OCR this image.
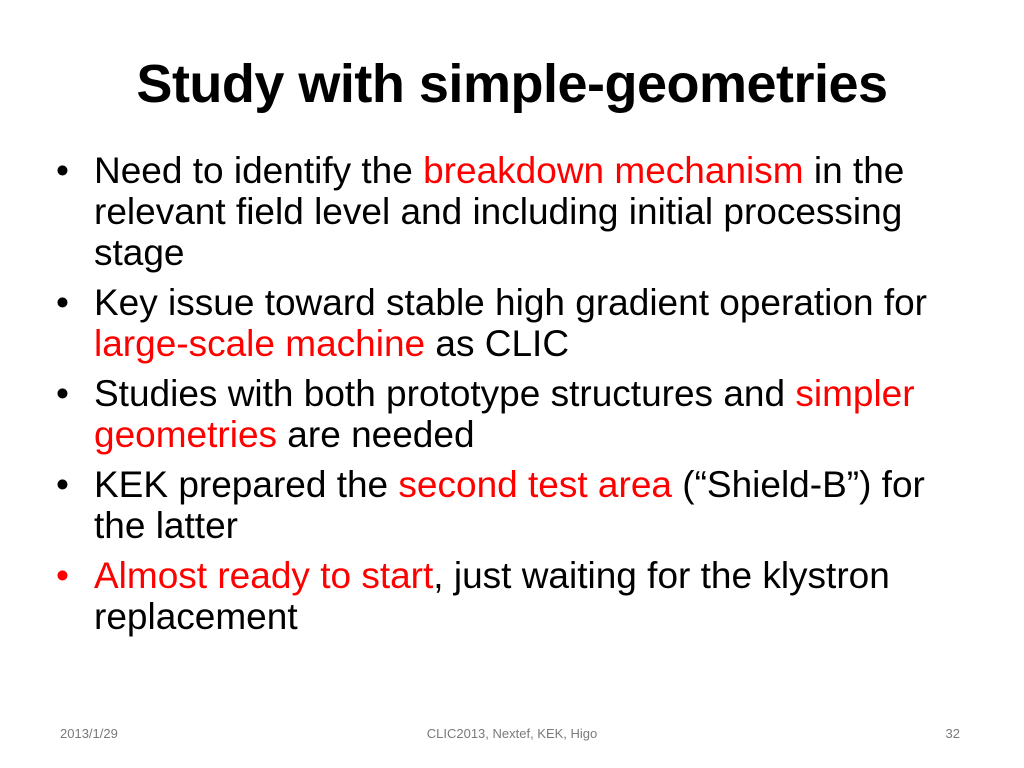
Study with simple-geometries
• Need to identify the breakdown mechanism in the relevant field level and including initial processing stage
• Key issue toward stable high gradient operation for large-scale machine as CLIC
• Studies with both prototype structures and simpler geometries are needed
• KEK prepared the second test area (“Shield-B”) for the latter
• Almost ready to start, just waiting for the klystron replacement
2013/1/29	CLIC2013, Nextef, KEK, Higo	32
